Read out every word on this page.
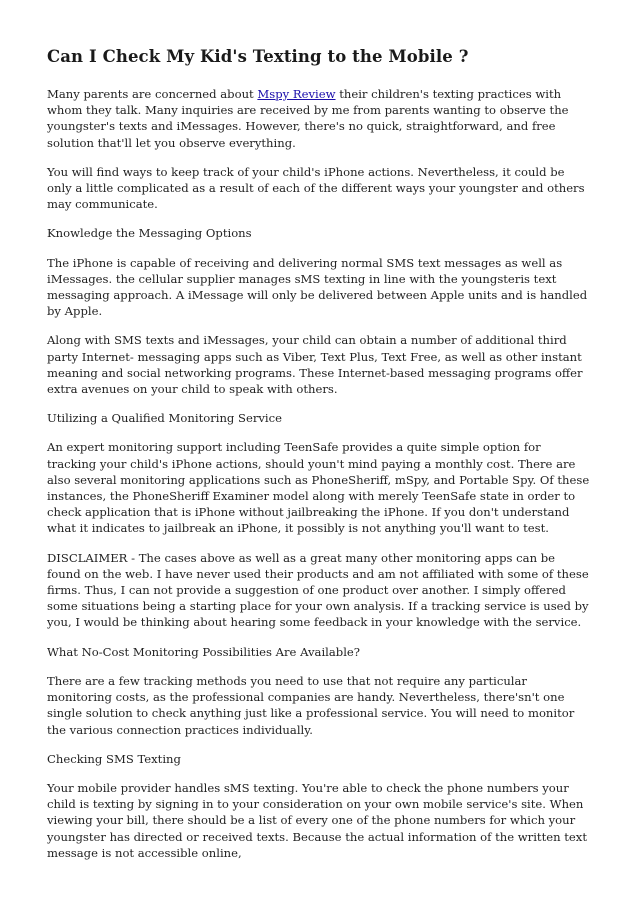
Can I Check My Kid's Texting to the Mobile ?

Many parents are concerned about Mspy Review their children's texting practices with whom they talk. Many inquiries are received by me from parents wanting to observe the youngster's texts and iMessages. However, there's no quick, straightforward, and free solution that'll let you observe everything.

You will find ways to keep track of your child's iPhone actions. Nevertheless, it could be only a little complicated as a result of each of the different ways your youngster and others may communicate.

Knowledge the Messaging Options

The iPhone is capable of receiving and delivering normal SMS text messages as well as iMessages. the cellular supplier manages sMS texting in line with the youngsteris text messaging approach. A iMessage will only be delivered between Apple units and is handled by Apple.

Along with SMS texts and iMessages, your child can obtain a number of additional third party Internet- messaging apps such as Viber, Text Plus, Text Free, as well as other instant meaning and social networking programs. These Internet-based messaging programs offer extra avenues on your child to speak with others.

Utilizing a Qualified Monitoring Service

An expert monitoring support including TeenSafe provides a quite simple option for tracking your child's iPhone actions, should youn't mind paying a monthly cost. There are also several monitoring applications such as PhoneSheriff, mSpy, and Portable Spy. Of these instances, the PhoneSheriff Examiner model along with merely TeenSafe state in order to check application that is iPhone without jailbreaking the iPhone. If you don't understand what it indicates to jailbreak an iPhone, it possibly is not anything you'll want to test.

DISCLAIMER - The cases above as well as a great many other monitoring apps can be found on the web. I have never used their products and am not affiliated with some of these firms. Thus, I can not provide a suggestion of one product over another. I simply offered some situations being a starting place for your own analysis. If a tracking service is used by you, I would be thinking about hearing some feedback in your knowledge with the service.

What No-Cost Monitoring Possibilities Are Available?

There are a few tracking methods you need to use that not require any particular monitoring costs, as the professional companies are handy. Nevertheless, there'sn't one single solution to check anything just like a professional service. You will need to monitor the various connection practices individually.

Checking SMS Texting

Your mobile provider handles sMS texting. You're able to check the phone numbers your child is texting by signing in to your consideration on your own mobile service's site. When viewing your bill, there should be a list of every one of the phone numbers for which your youngster has directed or received texts. Because the actual information of the written text message is not accessible online,
